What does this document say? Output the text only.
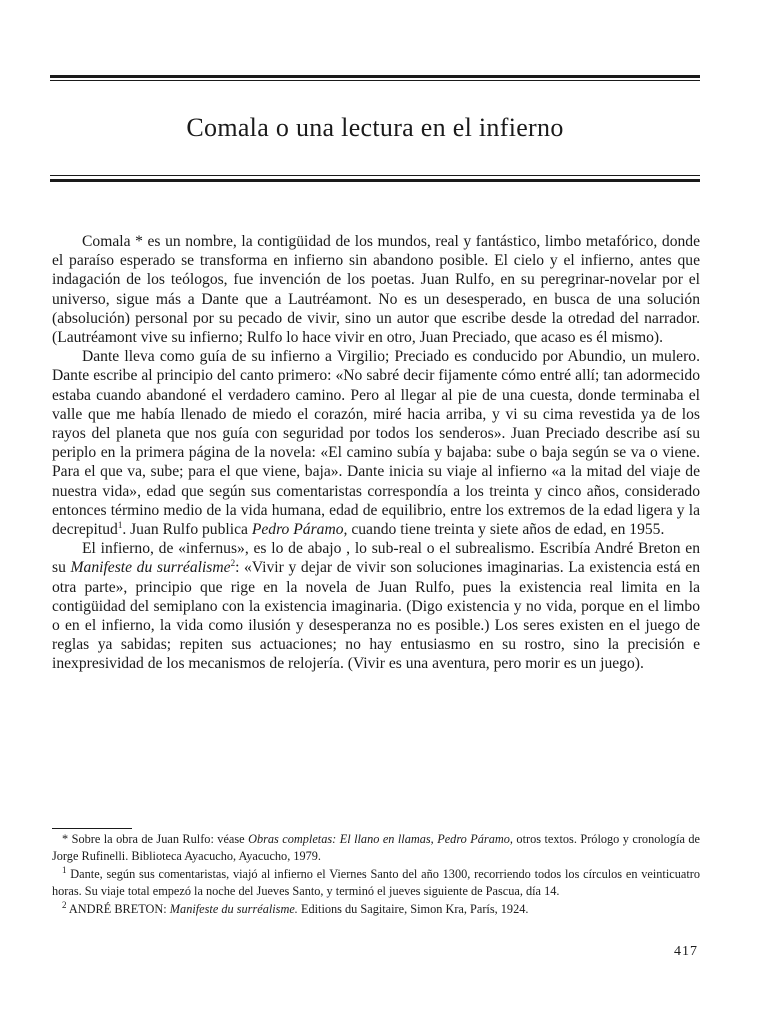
Comala o una lectura en el infierno

Comala * es un nombre, la contigüidad de los mundos, real y fantástico, limbo metafórico, donde el paraíso esperado se transforma en infierno sin abandono posible. El cielo y el infierno, antes que indagación de los teólogos, fue invención de los poetas. Juan Rulfo, en su peregrinar-novelar por el universo, sigue más a Dante que a Lautréamont. No es un desesperado, en busca de una solución (absolución) personal por su pecado de vivir, sino un autor que escribe desde la otredad del narrador. (Lautréamont vive su infierno; Rulfo lo hace vivir en otro, Juan Preciado, que acaso es él mismo).

Dante lleva como guía de su infierno a Virgilio; Preciado es conducido por Abundio, un mulero. Dante escribe al principio del canto primero: «No sabré decir fijamente cómo entré allí; tan adormecido estaba cuando abandoné el verdadero camino. Pero al llegar al pie de una cuesta, donde terminaba el valle que me había llenado de miedo el corazón, miré hacia arriba, y vi su cima revestida ya de los rayos del planeta que nos guía con seguridad por todos los senderos». Juan Preciado describe así su periplo en la primera página de la novela: «El camino subía y bajaba: sube o baja según se va o viene. Para el que va, sube; para el que viene, baja». Dante inicia su viaje al infierno «a la mitad del viaje de nuestra vida», edad que según sus comentaristas correspondía a los treinta y cinco años, considerado entonces término medio de la vida humana, edad de equilibrio, entre los extremos de la edad ligera y la decrepitud$^1$. Juan Rulfo publica Pedro Páramo, cuando tiene treinta y siete años de edad, en 1955.

El infierno, de «infernus», es lo de abajo , lo sub-real o el subrealismo. Escribía André Breton en su Manifeste du surréalisme$^2$: «Vivir y dejar de vivir son soluciones imaginarias. La existencia está en otra parte», principio que rige en la novela de Juan Rulfo, pues la existencia real limita en la contigüidad del semiplano con la existencia imaginaria. (Digo existencia y no vida, porque en el limbo o en el infierno, la vida como ilusión y desesperanza no es posible.) Los seres existen en el juego de reglas ya sabidas; repiten sus actuaciones; no hay entusiasmo en su rostro, sino la precisión e inexpresividad de los mecanismos de relojería. (Vivir es una aventura, pero morir es un juego).

* Sobre la obra de Juan Rulfo: véase Obras completas: El llano en llamas, Pedro Páramo, otros textos. Prólogo y cronología de Jorge Rufinelli. Biblioteca Ayacucho, Ayacucho, 1979.

$^1$ Dante, según sus comentaristas, viajó al infierno el Viernes Santo del año 1300, recorriendo todos los círculos en veinticuatro horas. Su viaje total empezó la noche del Jueves Santo, y terminó el jueves siguiente de Pascua, día 14.

$^2$ ANDRÉ BRETON: Manifeste du surréalisme. Editions du Sagitaire, Simon Kra, París, 1924.

417
